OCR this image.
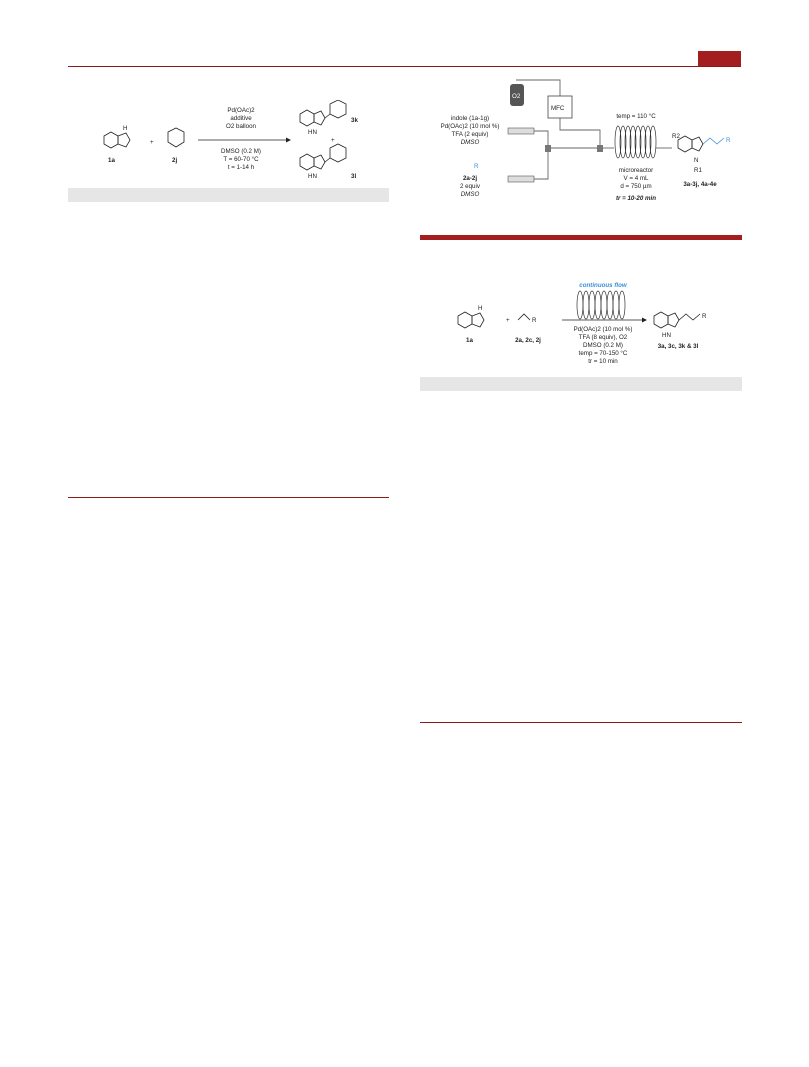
H
1a
+
2j
Pd(OAc)2
additive
O2 balloon
DMSO (0.2 M)
T = 60-70 °C
t = 1-14 h
HN
3k
+
HN	3l
O2
MFC
indole (1a-1g)
Pd(OAc)2 (10 mol %)
TFA (2 equiv)
DMSO
R
2a-2j
2 equiv
DMSO
temp = 110 °C
microreactor
V = 4 mL
d = 750 µm
tr = 10-20 min
R2
N
R1
R
3a-3j, 4a-4e
H
1a
+	R
2a, 2c, 2j
continuous flow
Pd(OAc)2 (10 mol %)
TFA (8 equiv), O2
DMSO (0.2 M)
temp = 70-150 °C
tr = 10 min
R
HN
3a, 3c, 3k & 3l
